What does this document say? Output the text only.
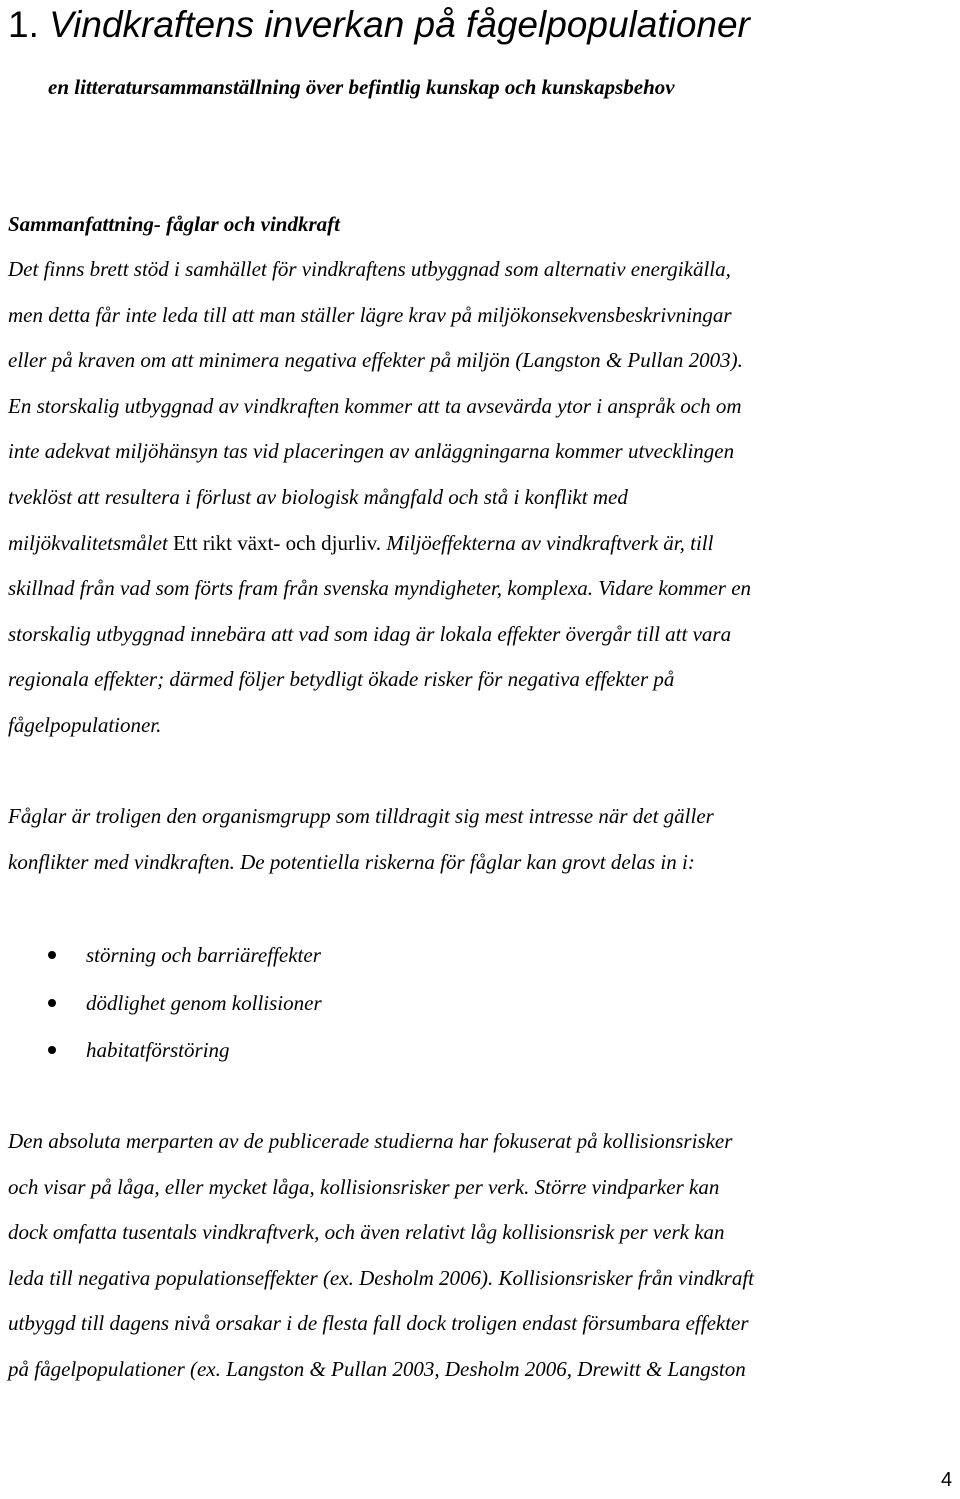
1. Vindkraftens inverkan på fågelpopulationer

en litteratursammanställning över befintlig kunskap och kunskapsbehov

Sammanfattning- fåglar och vindkraft
Det finns brett stöd i samhället för vindkraftens utbyggnad som alternativ energikälla,
men detta får inte leda till att man ställer lägre krav på miljökonsekvensbeskrivningar
eller på kraven om att minimera negativa effekter på miljön (Langston & Pullan 2003).
En storskalig utbyggnad av vindkraften kommer att ta avsevärda ytor i anspråk och om
inte adekvat miljöhänsyn tas vid placeringen av anläggningarna kommer utvecklingen
tveklöst att resultera i förlust av biologisk mångfald och stå i konflikt med
miljökvalitetsmålet Ett rikt växt- och djurliv. Miljöeffekterna av vindkraftverk är, till
skillnad från vad som förts fram från svenska myndigheter, komplexa. Vidare kommer en
storskalig utbyggnad innebära att vad som idag är lokala effekter övergår till att vara
regionala effekter; därmed följer betydligt ökade risker för negativa effekter på
fågelpopulationer.
Fåglar är troligen den organismgrupp som tilldragit sig mest intresse när det gäller
konflikter med vindkraften. De potentiella riskerna för fåglar kan grovt delas in i:
störning och barriäreffekter
dödlighet genom kollisioner
habitatförstöring
Den absoluta merparten av de publicerade studierna har fokuserat på kollisionsrisker
och visar på låga, eller mycket låga, kollisionsrisker per verk. Större vindparker kan
dock omfatta tusentals vindkraftverk, och även relativt låg kollisionsrisk per verk kan
leda till negativa populationseffekter (ex. Desholm 2006). Kollisionsrisker från vindkraft
utbyggd till dagens nivå orsakar i de flesta fall dock troligen endast försumbara effekter
på fågelpopulationer (ex. Langston & Pullan 2003, Desholm 2006, Drewitt & Langston
4
